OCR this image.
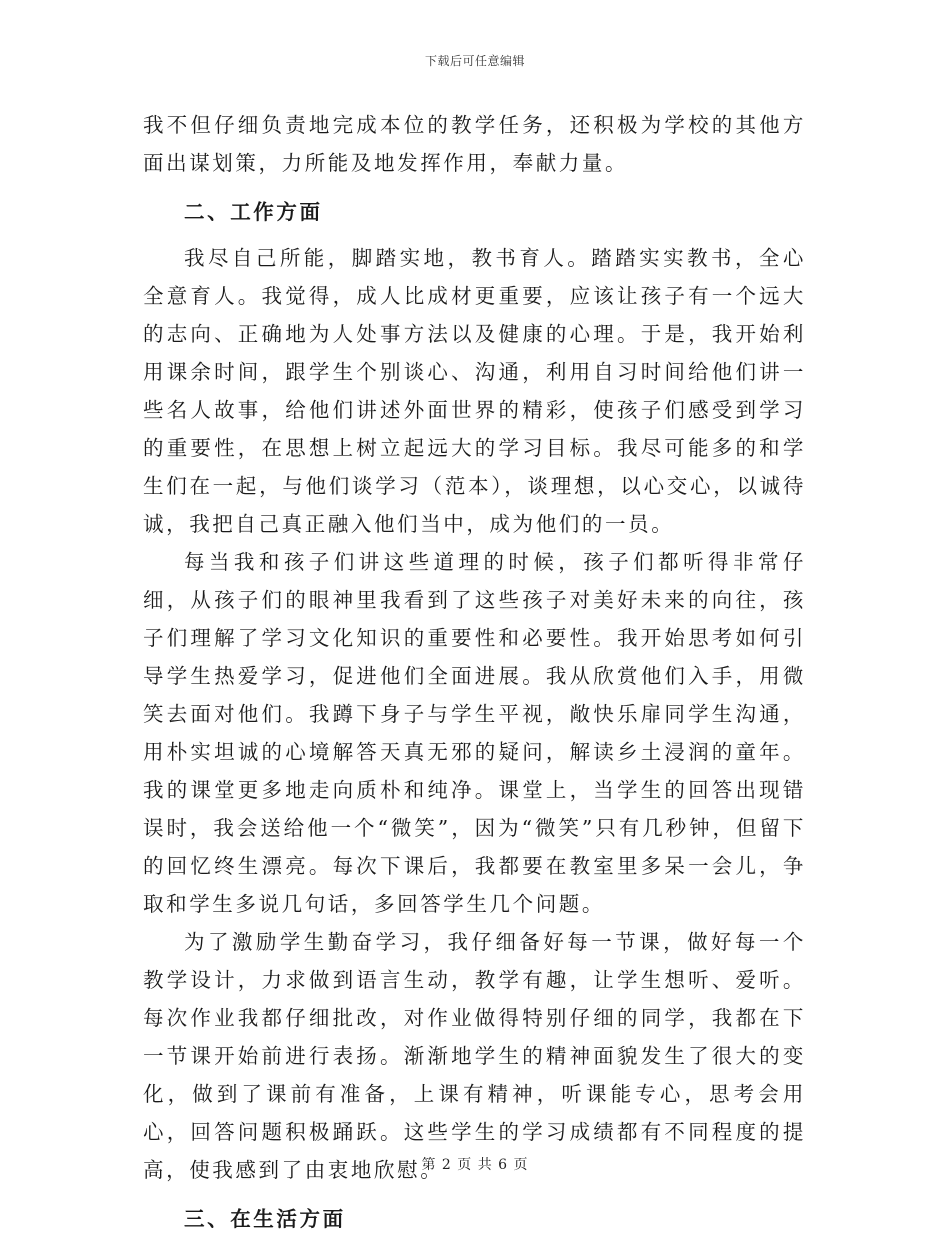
下载后可任意编辑

我不但仔细负责地完成本位的教学任务，还积极为学校的其他方面出谋划策，力所能及地发挥作用，奉献力量。

二、工作方面

我尽自己所能，脚踏实地，教书育人。踏踏实实教书，全心全意育人。我觉得，成人比成材更重要，应该让孩子有一个远大的志向、正确地为人处事方法以及健康的心理。于是，我开始利用课余时间，跟学生个别谈心、沟通，利用自习时间给他们讲一些名人故事，给他们讲述外面世界的精彩，使孩子们感受到学习的重要性，在思想上树立起远大的学习目标。我尽可能多的和学生们在一起，与他们谈学习（范本），谈理想，以心交心，以诚待诚，我把自己真正融入他们当中，成为他们的一员。

每当我和孩子们讲这些道理的时候，孩子们都听得非常仔细，从孩子们的眼神里我看到了这些孩子对美好未来的向往，孩子们理解了学习文化知识的重要性和必要性。我开始思考如何引导学生热爱学习，促进他们全面进展。我从欣赏他们入手，用微笑去面对他们。我蹲下身子与学生平视，敞快乐扉同学生沟通，用朴实坦诚的心境解答天真无邪的疑问，解读乡土浸润的童年。我的课堂更多地走向质朴和纯净。课堂上，当学生的回答出现错误时，我会送给他一个“微笑”，因为“微笑”只有几秒钟，但留下的回忆终生漂亮。每次下课后，我都要在教室里多呆一会儿，争取和学生多说几句话，多回答学生几个问题。

为了激励学生勤奋学习，我仔细备好每一节课，做好每一个教学设计，力求做到语言生动，教学有趣，让学生想听、爱听。每次作业我都仔细批改，对作业做得特别仔细的同学，我都在下一节课开始前进行表扬。渐渐地学生的精神面貌发生了很大的变化，做到了课前有准备，上课有精神，听课能专心，思考会用心，回答问题积极踊跃。这些学生的学习成绩都有不同程度的提高，使我感到了由衷地欣慰。

三、在生活方面

第 2 页 共 6 页
